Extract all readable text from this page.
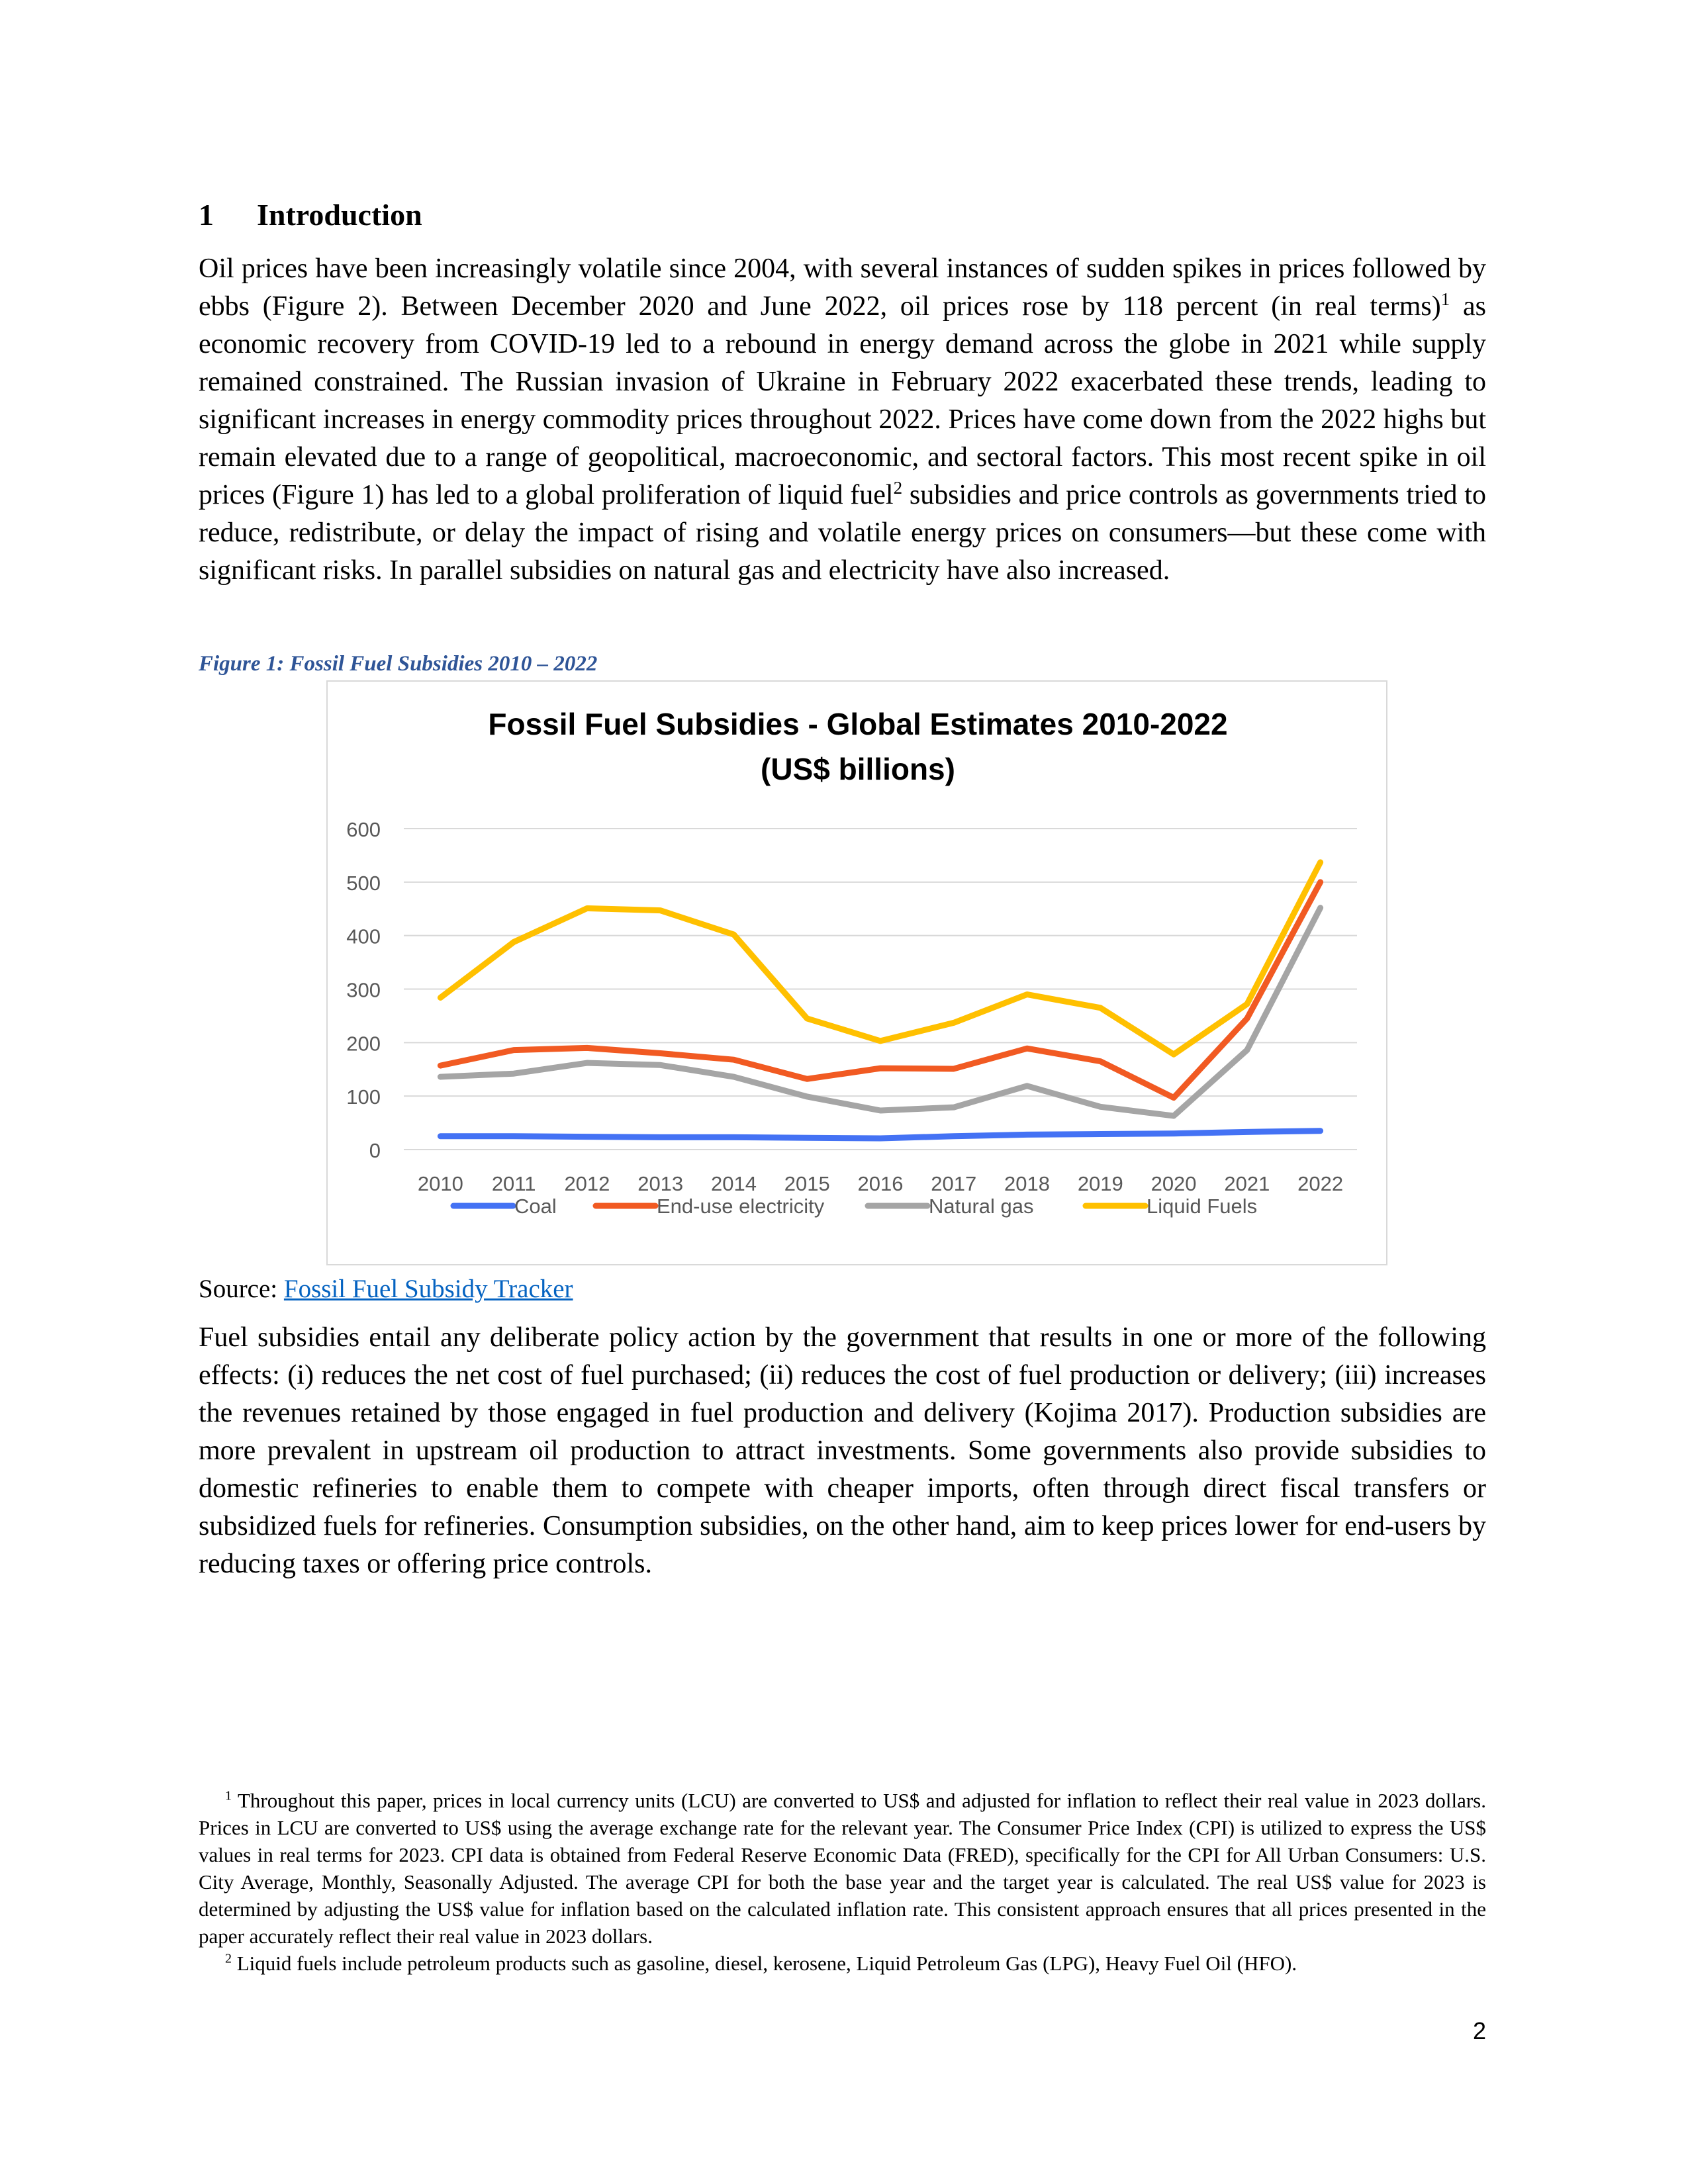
1 Introduction

Oil prices have been increasingly volatile since 2004, with several instances of sudden spikes in prices followed by ebbs (Figure 2). Between December 2020 and June 2022, oil prices rose by 118 percent (in real terms)$^1$ as economic recovery from COVID-19 led to a rebound in energy demand across the globe in 2021 while supply remained constrained. The Russian invasion of Ukraine in February 2022 exacerbated these trends, leading to significant increases in energy commodity prices throughout 2022. Prices have come down from the 2022 highs but remain elevated due to a range of geopolitical, macroeconomic, and sectoral factors. This most recent spike in oil prices (Figure 1) has led to a global proliferation of liquid fuel$^2$ subsidies and price controls as governments tried to reduce, redistribute, or delay the impact of rising and volatile energy prices on consumers—but these come with significant risks. In parallel subsidies on natural gas and electricity have also increased.

Figure 1: Fossil Fuel Subsidies 2010 – 2022
Fossil Fuel Subsidies - Global Estimates 2010-2022
(US$ billions)
0
100
200
300
400
500
600
2010 2011 2012 2013 2014 2015 2016 2017 2018 2019 2020 2021 2022
Coal	End-use electricity	Natural gas	Liquid Fuels
Source: Fossil Fuel Subsidy Tracker

Fuel subsidies entail any deliberate policy action by the government that results in one or more of the following effects: (i) reduces the net cost of fuel purchased; (ii) reduces the cost of fuel production or delivery; (iii) increases the revenues retained by those engaged in fuel production and delivery (Kojima 2017). Production subsidies are more prevalent in upstream oil production to attract investments. Some governments also provide subsidies to domestic refineries to enable them to compete with cheaper imports, often through direct fiscal transfers or subsidized fuels for refineries. Consumption subsidies, on the other hand, aim to keep prices lower for end-users by reducing taxes or offering price controls.

$^1$ Throughout this paper, prices in local currency units (LCU) are converted to US$ and adjusted for inflation to reflect their real value in 2023 dollars. Prices in LCU are converted to US$ using the average exchange rate for the relevant year. The Consumer Price Index (CPI) is utilized to express the US$ values in real terms for 2023. CPI data is obtained from Federal Reserve Economic Data (FRED), specifically for the CPI for All Urban Consumers: U.S. City Average, Monthly, Seasonally Adjusted. The average CPI for both the base year and the target year is calculated. The real US$ value for 2023 is determined by adjusting the US$ value for inflation based on the calculated inflation rate. This consistent approach ensures that all prices presented in the paper accurately reflect their real value in 2023 dollars.
$^2$ Liquid fuels include petroleum products such as gasoline, diesel, kerosene, Liquid Petroleum Gas (LPG), Heavy Fuel Oil (HFO).
2
